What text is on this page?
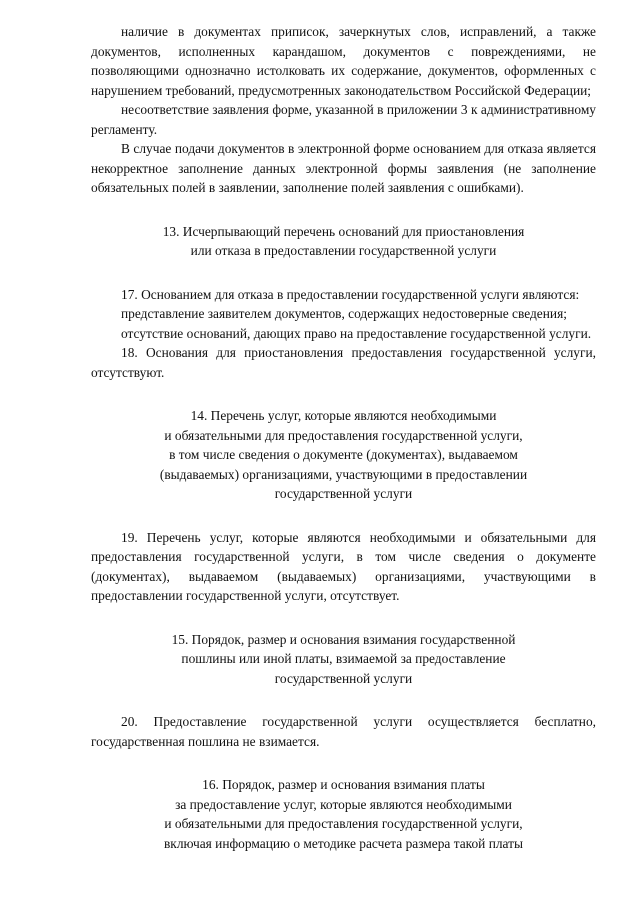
наличие в документах приписок, зачеркнутых слов, исправлений, а также документов, исполненных карандашом, документов с повреждениями, не позволяющими однозначно истолковать их содержание, документов, оформленных с нарушением требований, предусмотренных законодательством Российской Федерации;

несоответствие заявления форме, указанной в приложении 3 к административному регламенту.

В случае подачи документов в электронной форме основанием для отказа является некорректное заполнение данных электронной формы заявления (не заполнение обязательных полей в заявлении, заполнение полей заявления с ошибками).

13. Исчерпывающий перечень оснований для приостановления

или отказа в предоставлении государственной услуги

17. Основанием для отказа в предоставлении государственной услуги являются:

представление заявителем документов, содержащих недостоверные сведения;

отсутствие оснований, дающих право на предоставление государственной услуги.

18. Основания для приостановления предоставления государственной услуги, отсутствуют.

14. Перечень услуг, которые являются необходимыми

и обязательными для предоставления государственной услуги,

в том числе сведения о документе (документах), выдаваемом

(выдаваемых) организациями, участвующими в предоставлении

государственной услуги

19. Перечень услуг, которые являются необходимыми и обязательными для предоставления государственной услуги, в том числе сведения о документе (документах), выдаваемом (выдаваемых) организациями, участвующими в предоставлении государственной услуги, отсутствует.

15. Порядок, размер и основания взимания государственной

пошлины или иной платы, взимаемой за предоставление

государственной услуги

20. Предоставление государственной услуги осуществляется бесплатно, государственная пошлина не взимается.

16. Порядок, размер и основания взимания платы

за предоставление услуг, которые являются необходимыми

и обязательными для предоставления государственной услуги,

включая информацию о методике расчета размера такой платы
